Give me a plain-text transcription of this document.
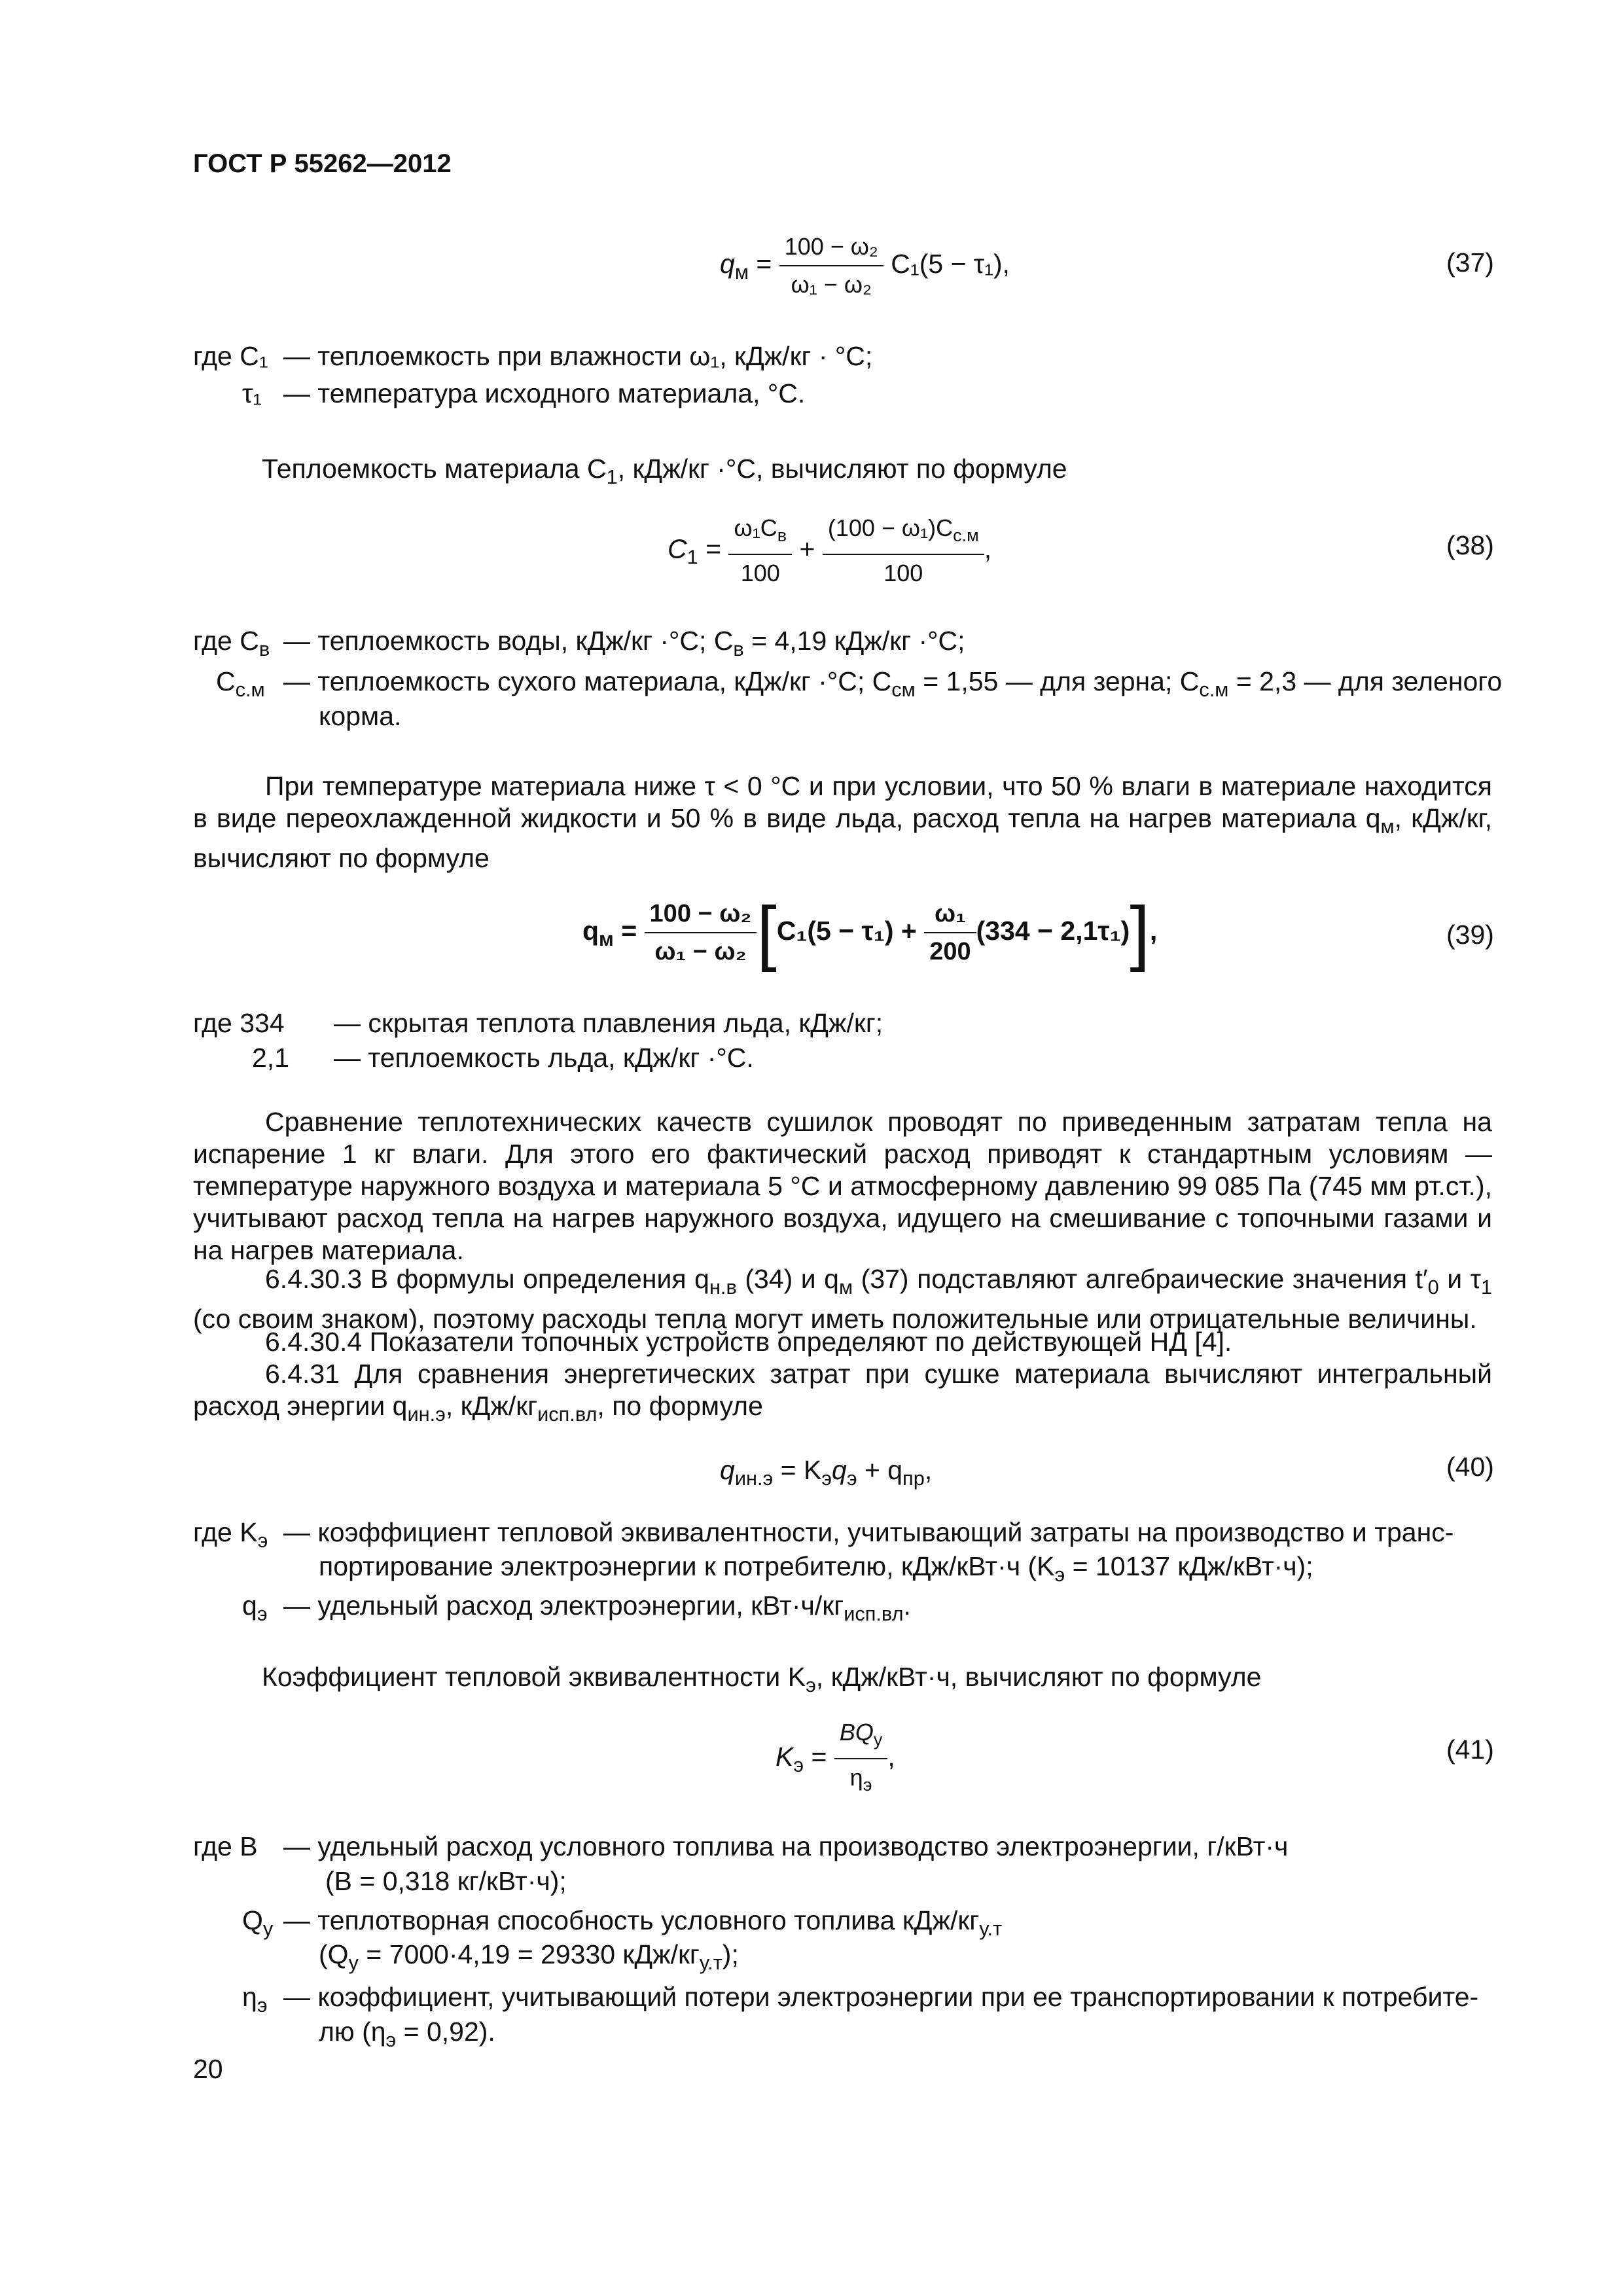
ГОСТ Р 55262—2012
$q_м = \frac{\text{100 − ω₂}}{\text{ω₁ − ω₂}} C_1(5 - \tau_1)$,	(37)
где C₁ — теплоемкость при влажности ω₁, кДж/кг · °С;
τ₁ — температура исходного материала, °С.
Теплоемкость материала $C_1$, кДж/кг ·°С, вычисляют по формуле
$C_1 = \frac{\omega_1C_в}{100} + \frac{(100 - \omega_1)C_{с.м}}{100}$ ,	(38)
где $C_в$ — теплоемкость воды, кДж/кг ·°С; $C_в = 4,19$ кДж/кг ·°С;
$C_{с.м}$ — теплоемкость сухого материала, кДж/кг ·°С; $C_{см} = 1,55$ — для зерна; $C_{с.м} = 2,3$ — для зеленого
корма.
При температуре материала ниже τ < 0 °С и при условии, что 50 % влаги в материале находится в виде переохлажденной жидкости и 50 % в виде льда, расход тепла на нагрев материала $q_м$, кДж/кг, вычисляют по формуле
$q_м = \frac{\text{100 − ω₂}}{\text{ω₁ − ω₂}} [C_1(5 - \tau_1) + \frac{\text{ω₁}}{200} (334 - 2,1\tau_1)]$,	(39)
где 334 — скрытая теплота плавления льда, кДж/кг;
2,1 — теплоемкость льда, кДж/кг ·°С.
Сравнение теплотехнических качеств сушилок проводят по приведенным затратам тепла на испарение 1 кг влаги. Для этого его фактический расход приводят к стандартным условиям — температуре наружного воздуха и материала 5 °С и атмосферному давлению 99 085 Па (745 мм рт.ст.), учитывают расход тепла на нагрев наружного воздуха, идущего на смешивание с топочными газами и на нагрев материала.
6.4.30.3 В формулы определения $q_{н.в}$ (34) и $q_м$ (37) подставляют алгебраические значения $t'_0$ и $\tau_1$ (со своим знаком), поэтому расходы тепла могут иметь положительные или отрицательные величины.
6.4.30.4 Показатели топочных устройств определяют по действующей НД [4].
6.4.31 Для сравнения энергетических затрат при сушке материала вычисляют интегральный расход энергии $q_{ин.э}$, кДж/$кг_{исп.вл}$, по формуле
$q_{ин.э} = K_эq_э + q_{пр}$,	(40)
где $K_э$ — коэффициент тепловой эквивалентности, учитывающий затраты на производство и транс-
портирование электроэнергии к потребителю, кДж/кВт·ч ($K_э = 10137$ кДж/кВт·ч);
$q_э$ — удельный расход электроэнергии, $кВт\cdot ч/кг_{исп.вл}$.
Коэффициент тепловой эквивалентности $K_э$, кДж/кВт·ч, вычисляют по формуле
$K_э = \frac{BQ_у}{\eta_э}$ ,	(41)
где B — удельный расход условного топлива на производство электроэнергии, г/кВт·ч
(B = 0,318 кг/кВт·ч);
$Q_у$ — теплотворная способность условного топлива кДж/$кг_{у.т}$
($Q_у = 7000\cdot 4,19 = 29330$ кДж/$кг_{у.т}$);
$\eta_э$ — коэффициент, учитывающий потери электроэнергии при ее транспортировании к потребите-
лю $(\eta_э = 0,92)$.
20
